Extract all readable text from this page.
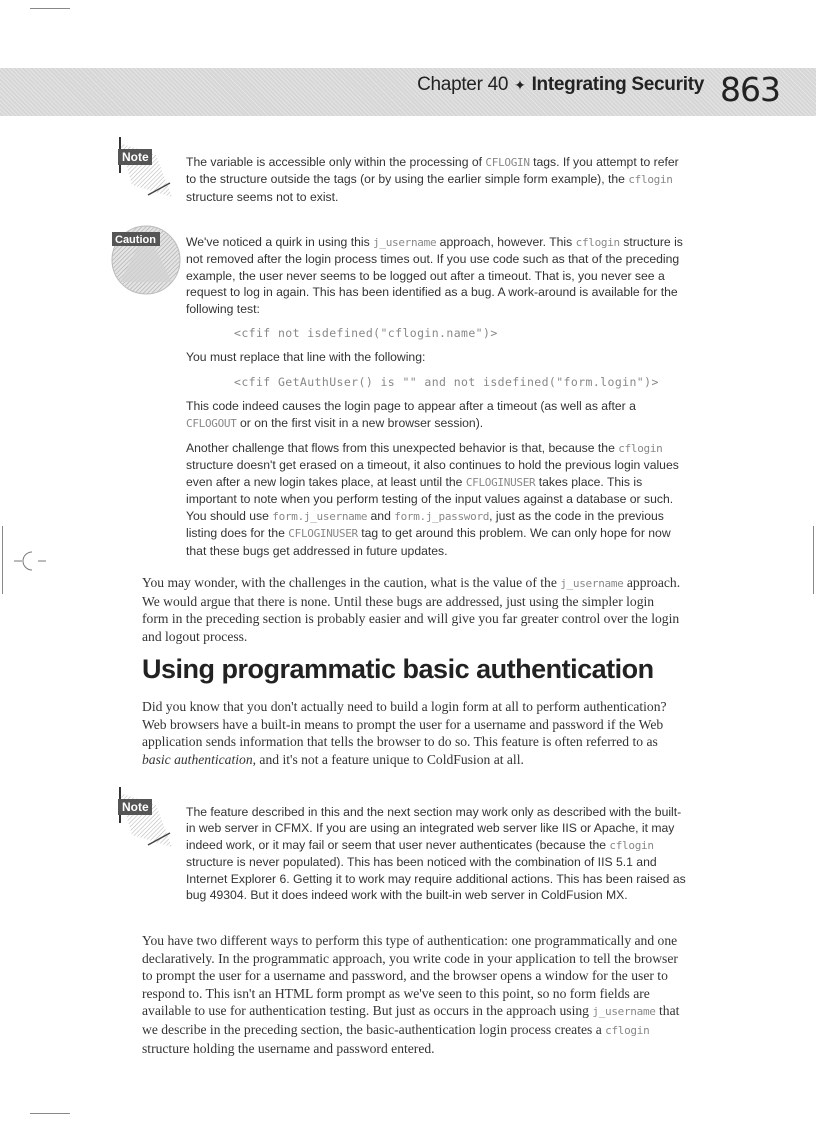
Chapter 40 ✦ Integrating Security 863
Note	The variable is accessible only within the processing of CFLOGIN tags. If you attempt to refer to the structure outside the tags (or by using the earlier simple form example), the cflogin structure seems not to exist.

Caution We've noticed a quirk in using this j_username approach, however. This cflogin structure is not removed after the login process times out. If you use code such as that of the preceding example, the user never seems to be logged out after a timeout. That is, you never see a request to log in again. This has been identified as a bug. A work-around is available for the following test:

<cfif not isdefined("cflogin.name")>

You must replace that line with the following:

<cfif GetAuthUser() is "" and not isdefined("form.login")>

This code indeed causes the login page to appear after a timeout (as well as after a CFLOGOUT or on the first visit in a new browser session).

Another challenge that flows from this unexpected behavior is that, because the cflogin structure doesn't get erased on a timeout, it also continues to hold the previous login values even after a new login takes place, at least until the CFLOGINUSER takes place. This is important to note when you perform testing of the input values against a database or such. You should use form.j_username and form.j_password, just as the code in the previous listing does for the CFLOGINUSER tag to get around this problem. We can only hope for now that these bugs get addressed in future updates.

You may wonder, with the challenges in the caution, what is the value of the j_username approach. We would argue that there is none. Until these bugs are addressed, just using the simpler login form in the preceding section is probably easier and will give you far greater control over the login and logout process.

Using programmatic basic authentication

Did you know that you don't actually need to build a login form at all to perform authentication? Web browsers have a built-in means to prompt the user for a username and password if the Web application sends information that tells the browser to do so. This feature is often referred to as basic authentication, and it's not a feature unique to ColdFusion at all.

Note	The feature described in this and the next section may work only as described with the built-in web server in CFMX. If you are using an integrated web server like IIS or Apache, it may indeed work, or it may fail or seem that user never authenticates (because the cflogin structure is never populated). This has been noticed with the combination of IIS 5.1 and Internet Explorer 6. Getting it to work may require additional actions. This has been raised as bug 49304. But it does indeed work with the built-in web server in ColdFusion MX.

You have two different ways to perform this type of authentication: one programmatically and one declaratively. In the programmatic approach, you write code in your application to tell the browser to prompt the user for a username and password, and the browser opens a window for the user to respond to. This isn't an HTML form prompt as we've seen to this point, so no form fields are available to use for authentication testing. But just as occurs in the approach using j_username that we describe in the preceding section, the basic-authentication login process creates a cflogin structure holding the username and password entered.
